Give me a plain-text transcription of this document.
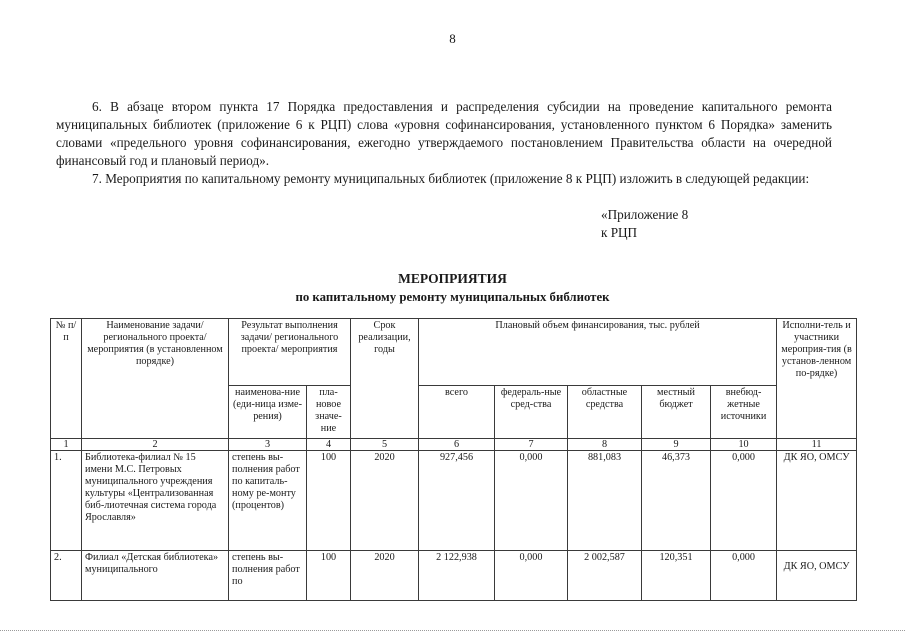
8
6. В абзаце втором пункта 17 Порядка предоставления и распределения субсидии на проведение капитального ремонта муниципальных библиотек (приложение 6 к РЦП) слова «уровня софинансирования, установленного пунктом 6 Порядка» заменить словами «предельного уровня софинансирования, ежегодно утверждаемого постановлением Правительства области на очередной финансовый год и плановый период».
7. Мероприятия по капитальному ремонту муниципальных библиотек (приложение 8 к РЦП) изложить в следующей редакции:
«Приложение 8
к РЦП
МЕРОПРИЯТИЯ
по капитальному ремонту муниципальных библиотек
№ п/п	Наименование задачи/ регионального проекта/ мероприятия (в установленном порядке)	Результат выполнения задачи/ регионального проекта/ мероприятия		Срок реализации, годы	Плановый объем финансирования, тыс. рублей					Исполни-тель и участники мероприя-тия (в установ-ленном по-рядке)
		наименова-ние (еди-ница изме-рения)	пла-новое значе-ние		всего	федераль-ные сред-ства	областные средства	местный бюджет	внебюд-жетные источники	
1	2	3	4	5	6	7	8	9	10	11
1.	Библиотека-филиал № 15 имени М.С. Петровых муниципального учреждения культуры «Централизованная биб-лиотечная система города Ярославля»	степень вы-полнения работ по капиталь-ному ре-монту (процентов)	100	2020	927,456	0,000	881,083	46,373	0,000	ДК ЯО, ОМСУ
2.	Филиал «Детская библиотека» муниципального	степень вы-полнения работ по	100	2020	2 122,938	0,000	2 002,587	120,351	0,000	ДК ЯО, ОМСУ
